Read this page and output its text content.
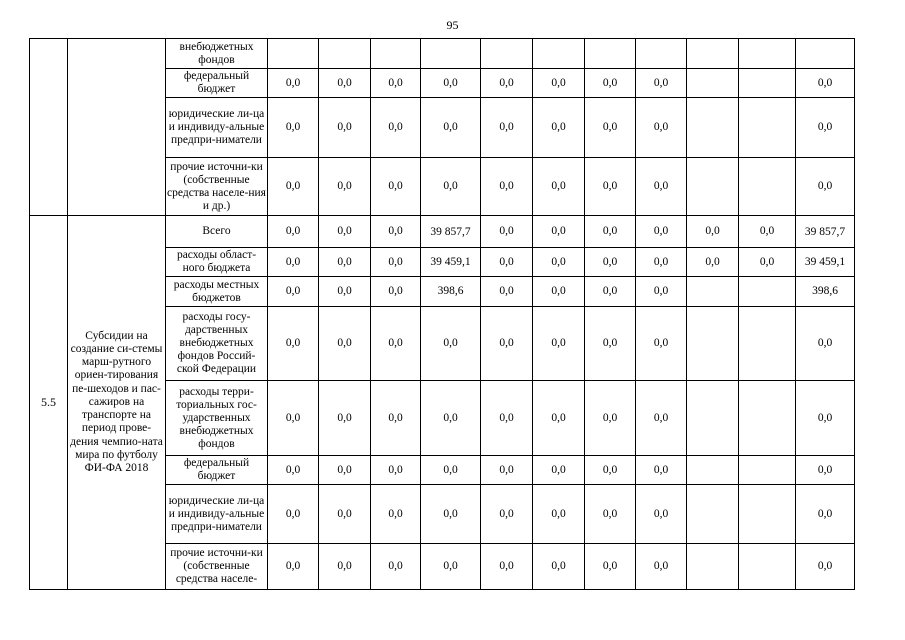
95
		внебюджетных фондов											
		федеральный бюджет	0,0	0,0	0,0	0,0	0,0	0,0	0,0	0,0			0,0
		юридические ли-ца и индивиду-альные предпри-ниматели	0,0	0,0	0,0	0,0	0,0	0,0	0,0	0,0			0,0
		прочие источни-ки (собственные средства населе-ния и др.)	0,0	0,0	0,0	0,0	0,0	0,0	0,0	0,0			0,0
5.5	Субсидии на создание си-стемы марш-рутного ориен-тирования пе-шеходов и пас-сажиров на транспорте на период прове-дения чемпио-ната мира по футболу ФИ-ФА 2018	Всего	0,0	0,0	0,0	39 857,7	0,0	0,0	0,0	0,0	0,0	0,0	39 857,7
		расходы област-ного бюджета	0,0	0,0	0,0	39 459,1	0,0	0,0	0,0	0,0	0,0	0,0	39 459,1
		расходы местных бюджетов	0,0	0,0	0,0	398,6	0,0	0,0	0,0	0,0			398,6
		расходы госу-дарственных внебюджетных фондов Россий-ской Федерации	0,0	0,0	0,0	0,0	0,0	0,0	0,0	0,0			0,0
		расходы терри-ториальных гос-ударственных внебюджетных фондов	0,0	0,0	0,0	0,0	0,0	0,0	0,0	0,0			0,0
		федеральный бюджет	0,0	0,0	0,0	0,0	0,0	0,0	0,0	0,0			0,0
		юридические ли-ца и индивиду-альные предпри-ниматели	0,0	0,0	0,0	0,0	0,0	0,0	0,0	0,0			0,0
		прочие источни-ки (собственные средства населе-	0,0	0,0	0,0	0,0	0,0	0,0	0,0	0,0			0,0
